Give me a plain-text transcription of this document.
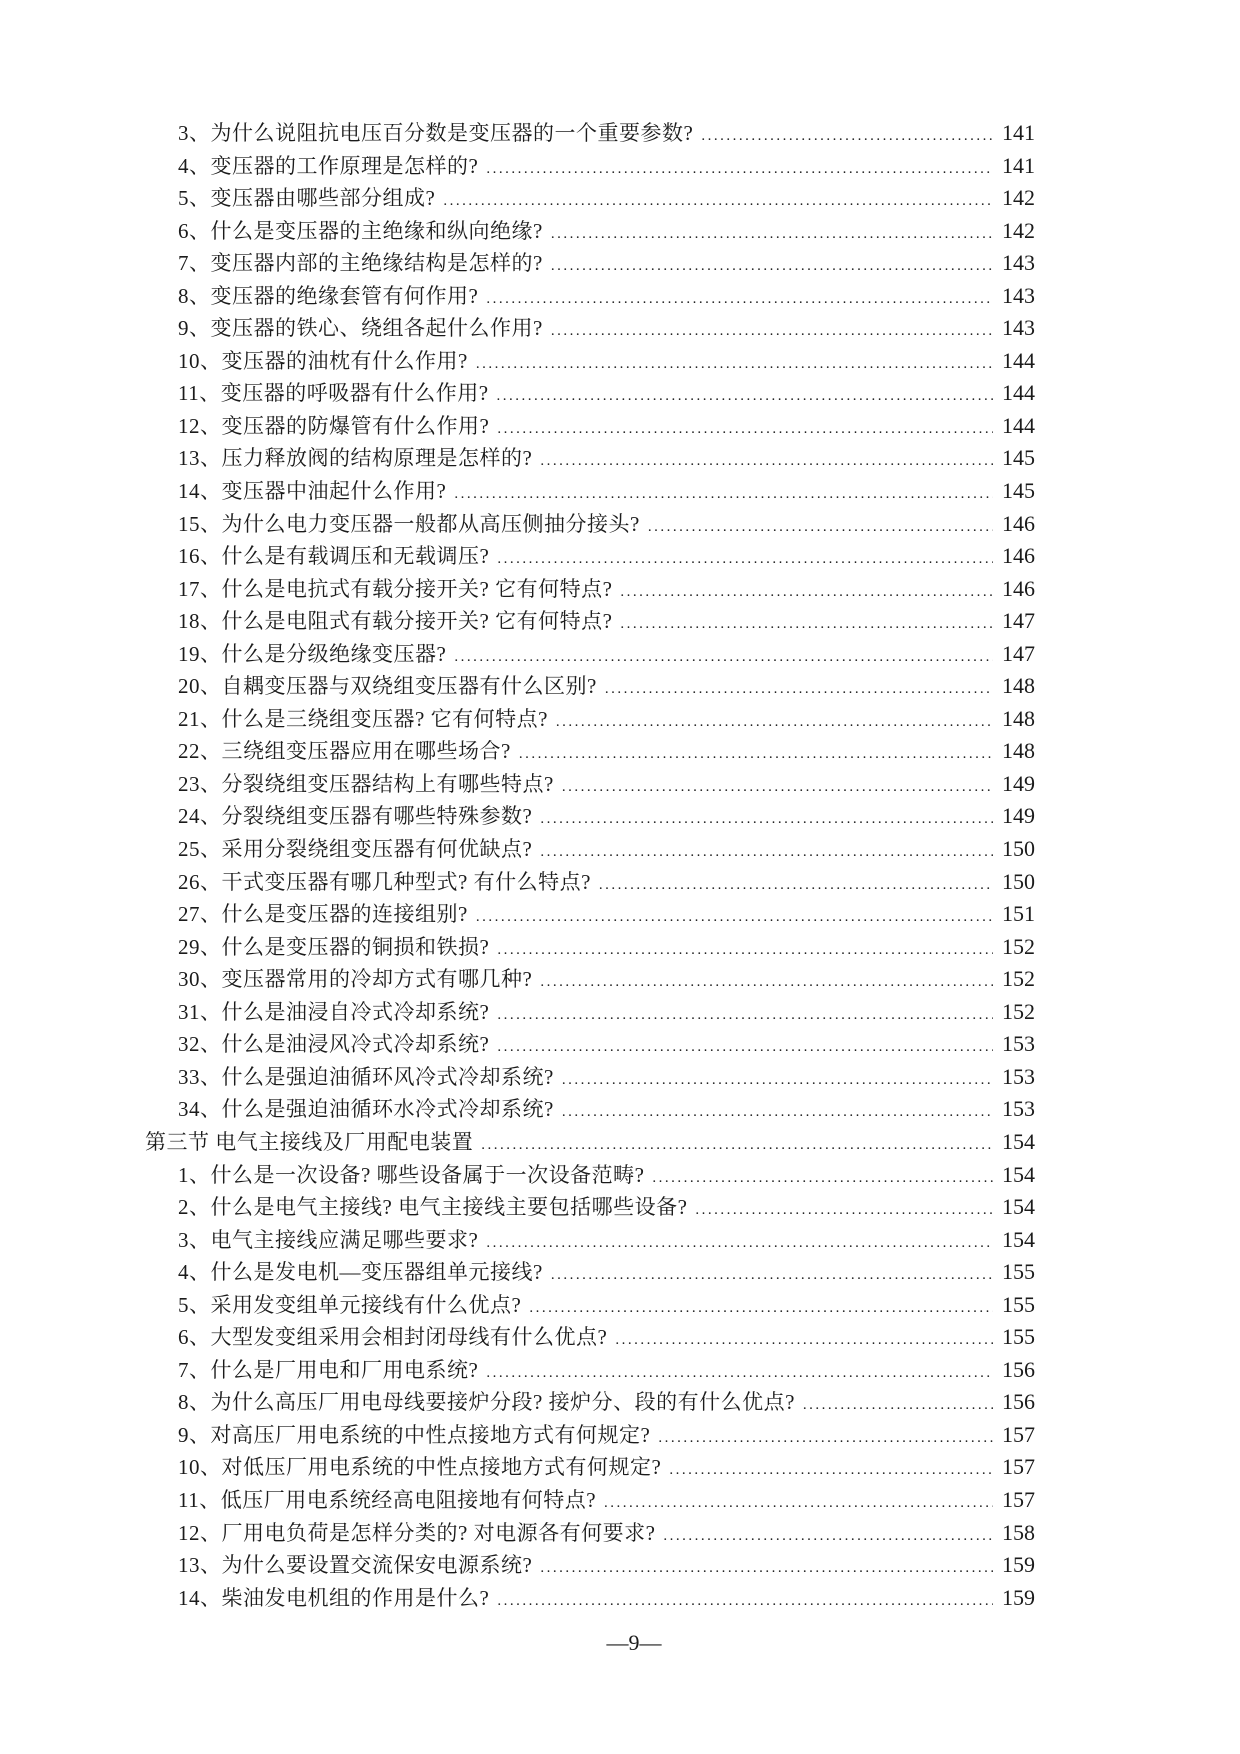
3、为什么说阻抗电压百分数是变压器的一个重要参数? .....	141
4、变压器的工作原理是怎样的? .....	141
5、变压器由哪些部分组成? .....	142
6、什么是变压器的主绝缘和纵向绝缘? .....	142
7、变压器内部的主绝缘结构是怎样的? .....	143
8、变压器的绝缘套管有何作用? .....	143
9、变压器的铁心、绕组各起什么作用? .....	143
10、变压器的油枕有什么作用? .....	144
11、变压器的呼吸器有什么作用? .....	144
12、变压器的防爆管有什么作用? .....	144
13、压力释放阀的结构原理是怎样的? .....	145
14、变压器中油起什么作用? .....	145
15、为什么电力变压器一般都从高压侧抽分接头? .....	146
16、什么是有载调压和无载调压? .....	146
17、什么是电抗式有载分接开关? 它有何特点? .....	146
18、什么是电阻式有载分接开关? 它有何特点? .....	147
19、什么是分级绝缘变压器? .....	147
20、自耦变压器与双绕组变压器有什么区别? .....	148
21、什么是三绕组变压器? 它有何特点? .....	148
22、三绕组变压器应用在哪些场合? .....	148
23、分裂绕组变压器结构上有哪些特点? .....	149
24、分裂绕组变压器有哪些特殊参数? .....	149
25、采用分裂绕组变压器有何优缺点? .....	150
26、干式变压器有哪几种型式? 有什么特点? .....	150
27、什么是变压器的连接组别? .....	151
29、什么是变压器的铜损和铁损? .....	152
30、变压器常用的冷却方式有哪几种? .....	152
31、什么是油浸自冷式冷却系统? .....	152
32、什么是油浸风冷式冷却系统? .....	153
33、什么是强迫油循环风冷式冷却系统? .....	153
34、什么是强迫油循环水冷式冷却系统? .....	153
第三节 电气主接线及厂用配电装置 .....	154
1、什么是一次设备? 哪些设备属于一次设备范畴? .....	154
2、什么是电气主接线? 电气主接线主要包括哪些设备? .....	154
3、电气主接线应满足哪些要求? .....	154
4、什么是发电机—变压器组单元接线? .....	155
5、采用发变组单元接线有什么优点? .....	155
6、大型发变组采用会相封闭母线有什么优点? .....	155
7、什么是厂用电和厂用电系统? .....	156
8、为什么高压厂用电母线要接炉分段? 接炉分、段的有什么优点? .....	156
9、对高压厂用电系统的中性点接地方式有何规定? .....	157
10、对低压厂用电系统的中性点接地方式有何规定? .....	157
11、低压厂用电系统经高电阻接地有何特点? .....	157
12、厂用电负荷是怎样分类的? 对电源各有何要求? .....	158
13、为什么要设置交流保安电源系统? .....	159
14、柴油发电机组的作用是什么? .....	159
—9—
